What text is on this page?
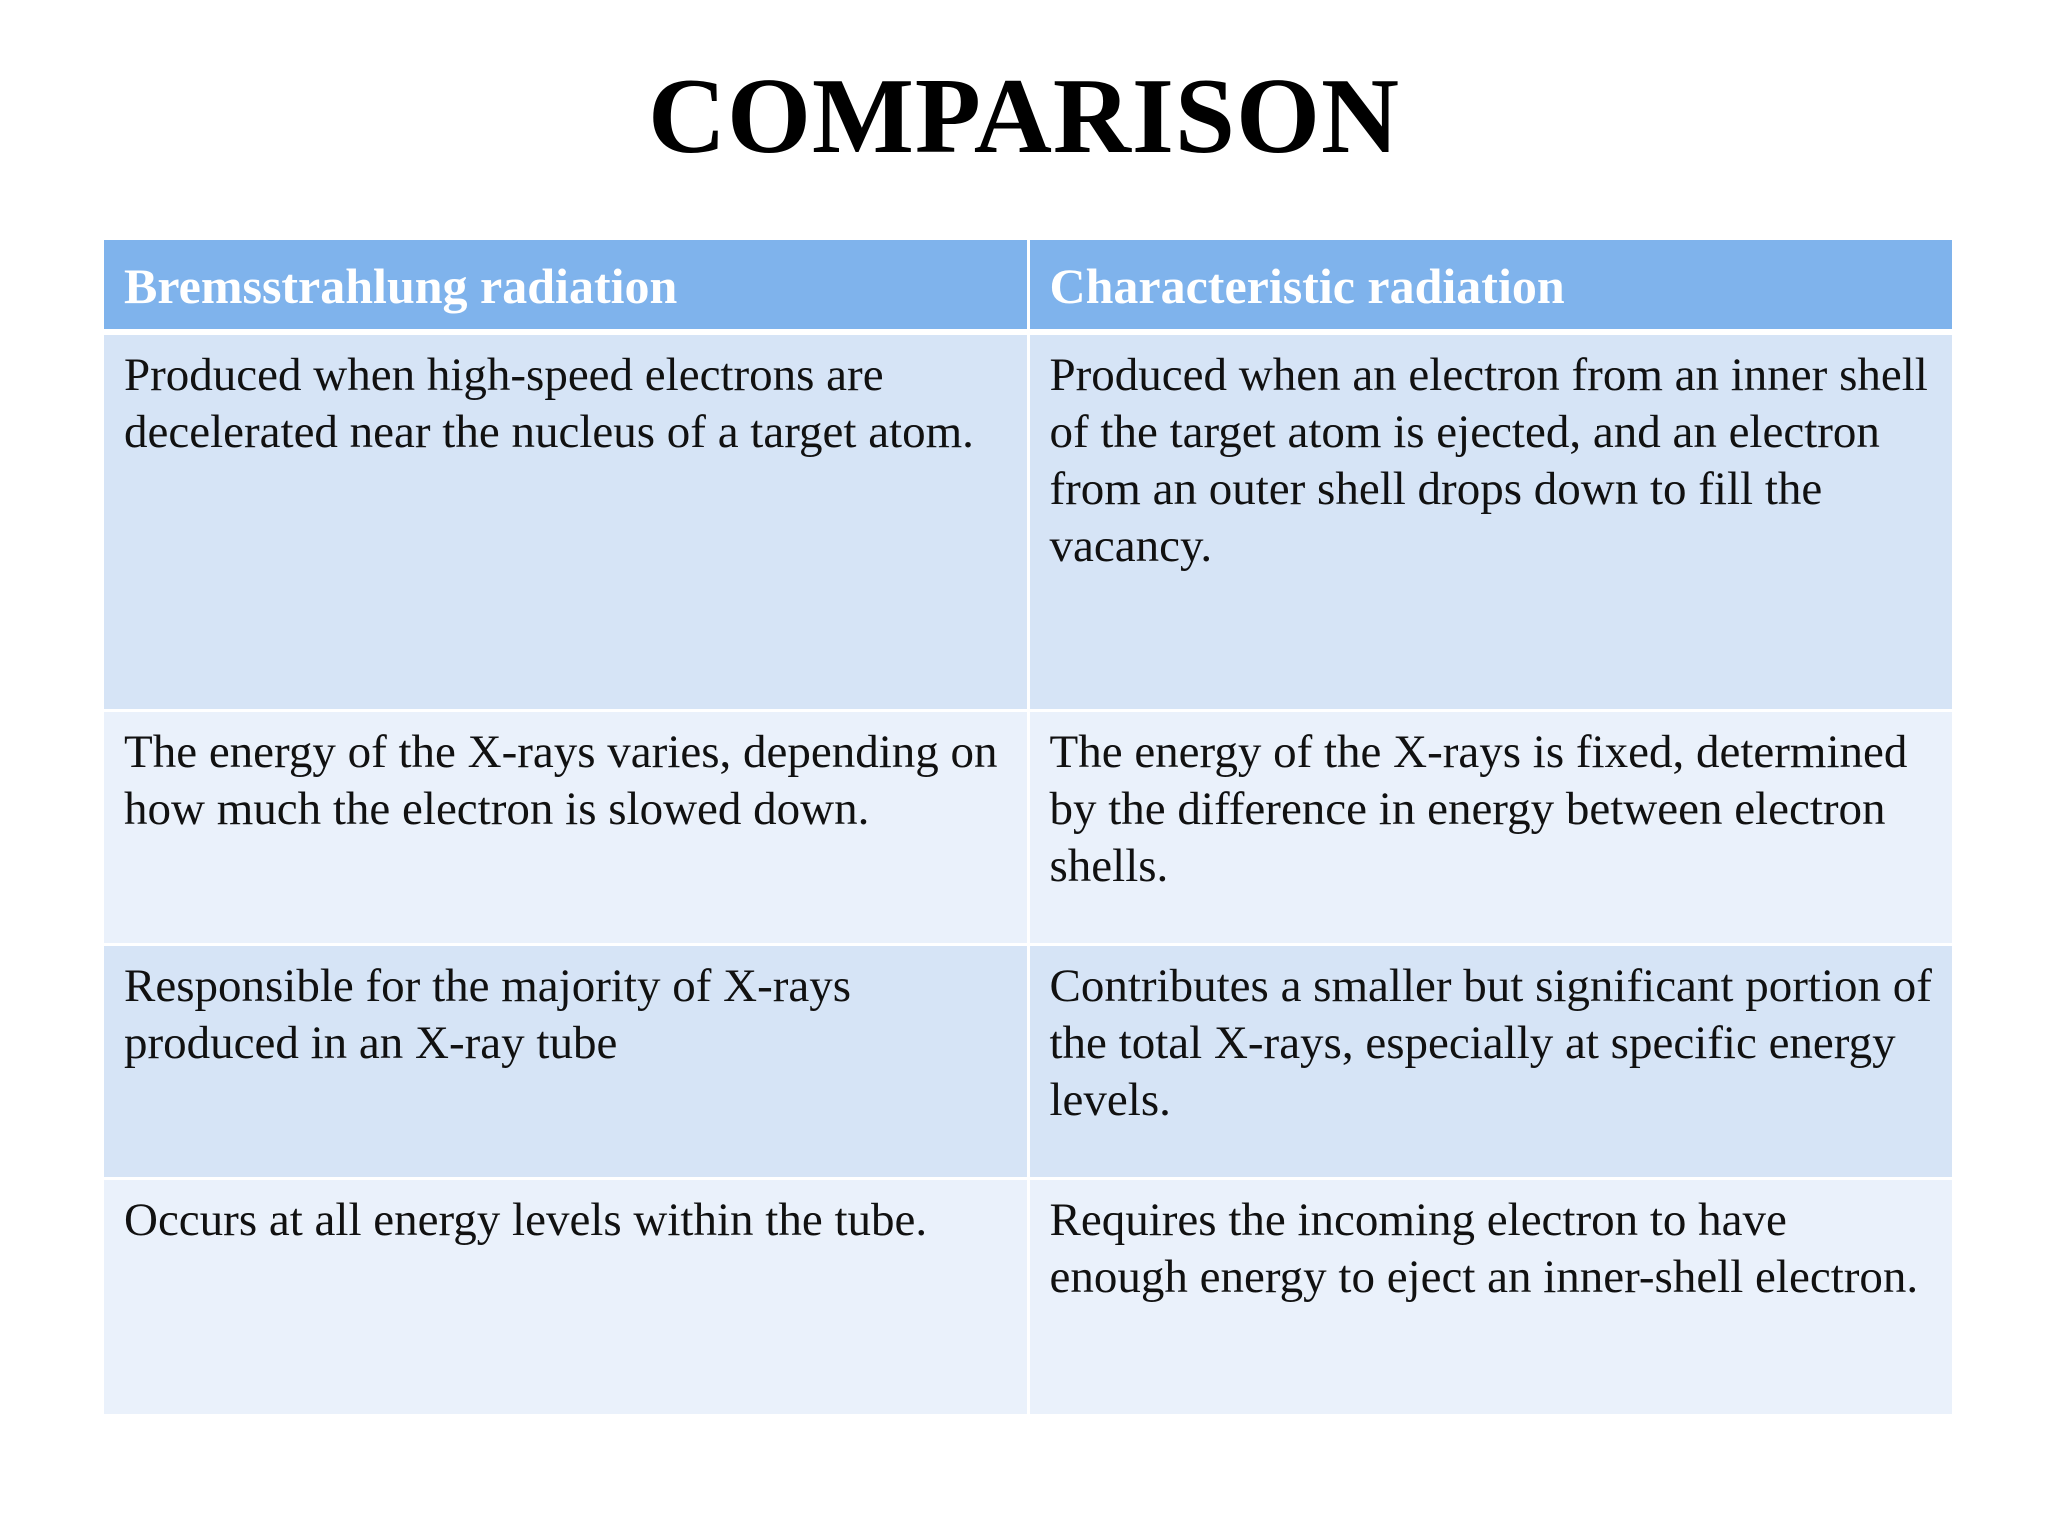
COMPARISON
Bremsstrahlung radiation	Characteristic radiation
Produced when high-speed electrons are decelerated near the nucleus of a target atom.	Produced when an electron from an inner shell of the target atom is ejected, and an electron from an outer shell drops down to fill the vacancy.
The energy of the X-rays varies, depending on how much the electron is slowed down.	The energy of the X-rays is fixed, determined by the difference in energy between electron shells.
Responsible for the majority of X-rays produced in an X-ray tube	Contributes a smaller but significant portion of the total X-rays, especially at specific energy levels.
Occurs at all energy levels within the tube.	Requires the incoming electron to have enough energy to eject an inner-shell electron.
